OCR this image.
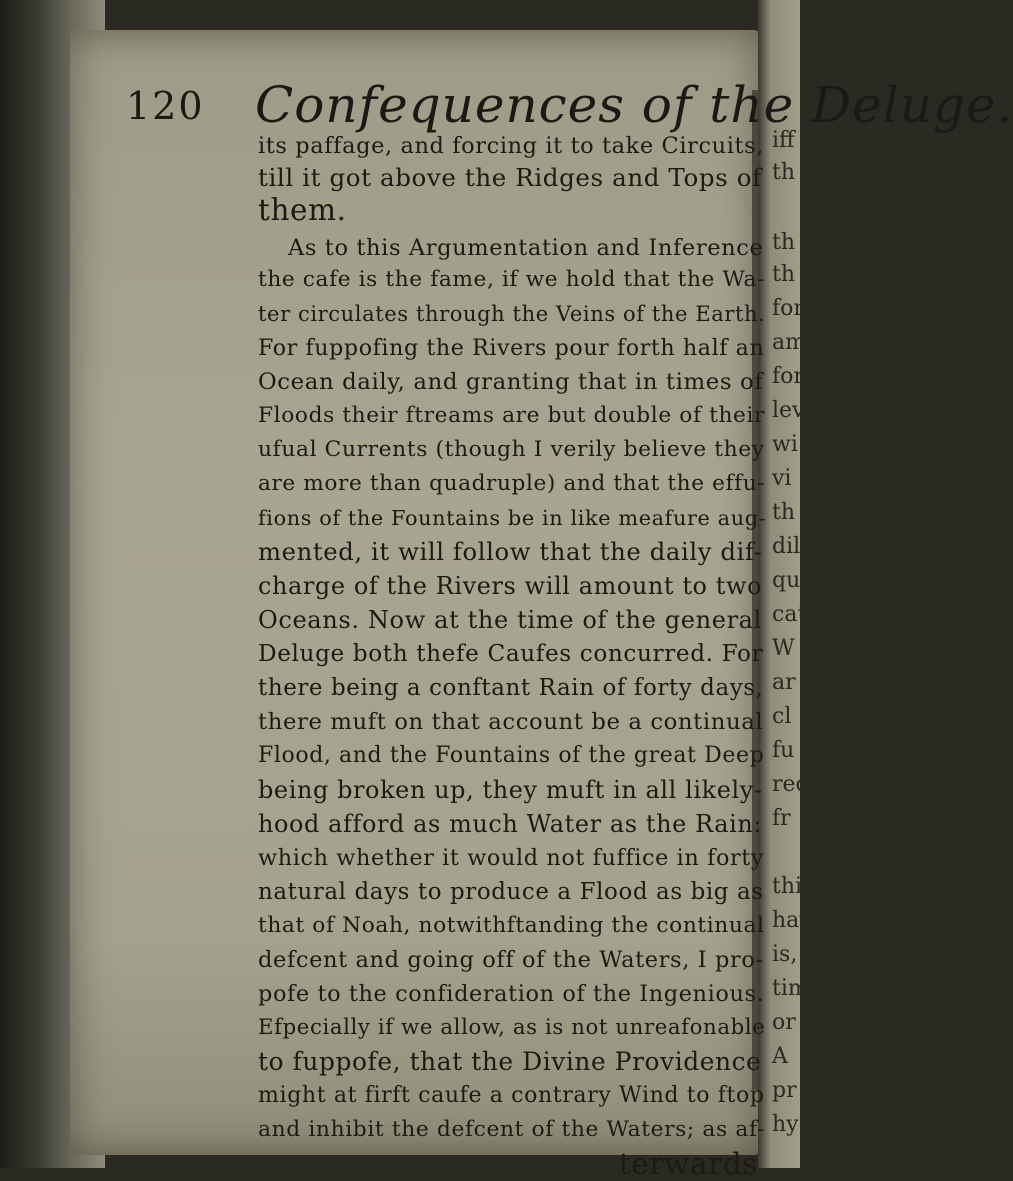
iff
th
th
th
for
am
for
lev
wi
vi
th
dil
qua
cat
W
ar
cl
fu
rec
fr
thi
hay
is,
tim
or
A
pr
hy
120 Confequences of the Deluge.
its paffage, and forcing it to take Circuits,
till it got above the Ridges and Tops of
them.
As to this Argumentation and Inference
the cafe is the fame, if we hold that the Wa-
ter circulates through the Veins of the Earth.
For fuppofing the Rivers pour forth half an
Ocean daily, and granting that in times of
Floods their ftreams are but double of their
ufual Currents (though I verily believe they
are more than quadruple) and that the effu-
fions of the Fountains be in like meafure aug-
mented, it will follow that the daily dif-
charge of the Rivers will amount to two
Oceans. Now at the time of the general
Deluge both thefe Caufes concurred. For
there being a conftant Rain of forty days,
there muft on that account be a continual
Flood, and the Fountains of the great Deep
being broken up, they muft in all likely-
hood afford as much Water as the Rain:
which whether it would not fuffice in forty
natural days to produce a Flood as big as
that of Noah, notwithftanding the continual
defcent and going off of the Waters, I pro-
pofe to the confideration of the Ingenious.
Efpecially if we allow, as is not unreafonable
to fuppofe, that the Divine Providence
might at firft caufe a contrary Wind to ftop
and inhibit the defcent of the Waters; as af-
terwards
